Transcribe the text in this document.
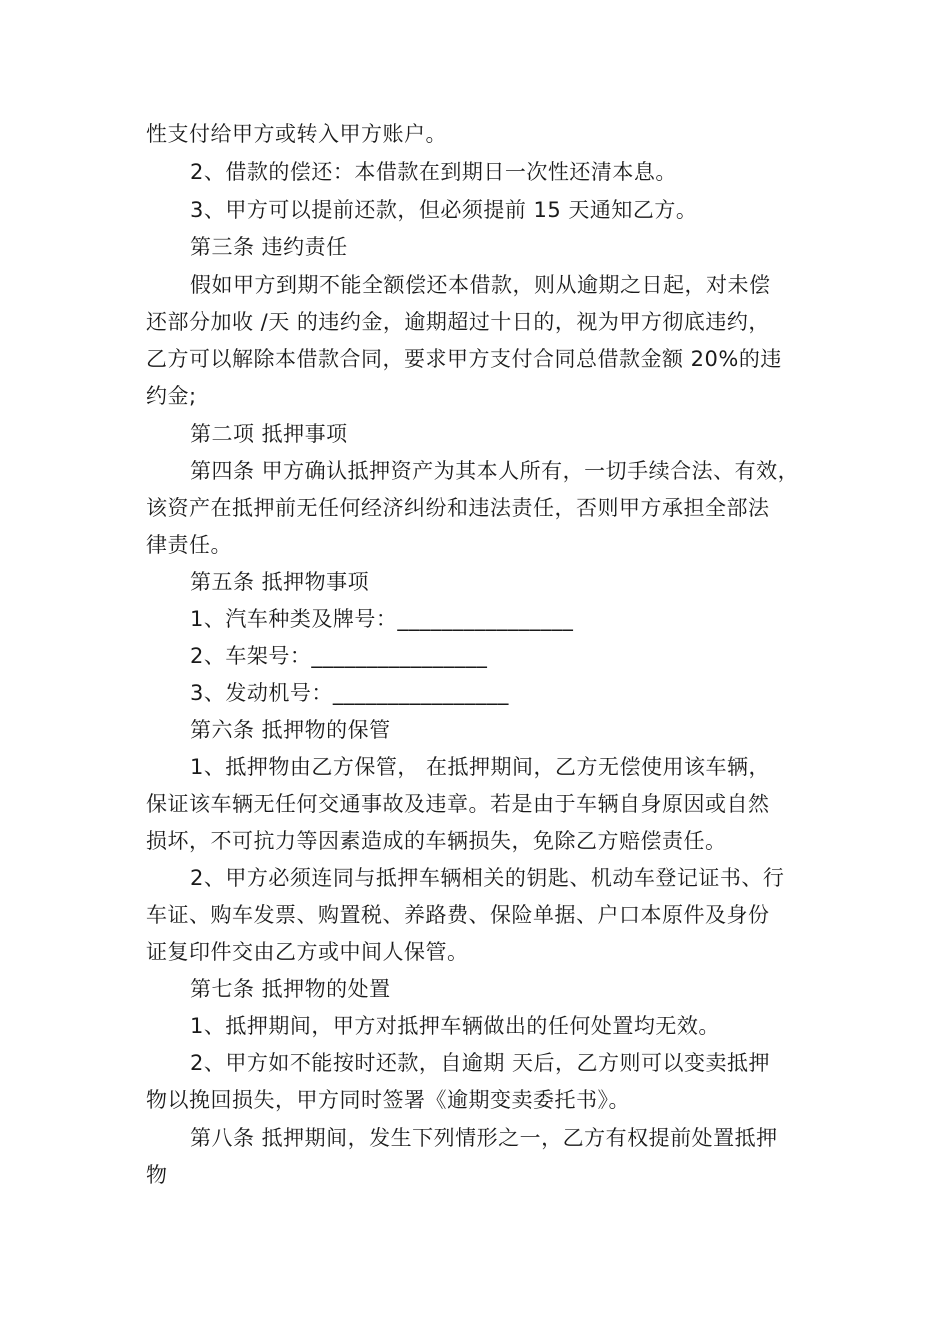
性支付给甲方或转入甲方账户。
2、借款的偿还：本借款在到期日一次性还清本息。
3、甲方可以提前还款，但必须提前 15 天通知乙方。
第三条 违约责任
假如甲方到期不能全额偿还本借款，则从逾期之日起，对未偿
还部分加收 /天 的违约金，逾期超过十日的，视为甲方彻底违约，
乙方可以解除本借款合同，要求甲方支付合同总借款金额 20%的违
约金;
第二项 抵押事项
第四条 甲方确认抵押资产为其本人所有，一切手续合法、有效，
该资产在抵押前无任何经济纠纷和违法责任，否则甲方承担全部法
律责任。
第五条 抵押物事项
1、汽车种类及牌号：________________
2、车架号：________________
3、发动机号：________________
第六条 抵押物的保管
1、抵押物由乙方保管， 在抵押期间，乙方无偿使用该车辆，
保证该车辆无任何交通事故及违章。若是由于车辆自身原因或自然
损坏，不可抗力等因素造成的车辆损失，免除乙方赔偿责任。
2、甲方必须连同与抵押车辆相关的钥匙、机动车登记证书、行
车证、购车发票、购置税、养路费、保险单据、户口本原件及身份
证复印件交由乙方或中间人保管。
第七条 抵押物的处置
1、抵押期间，甲方对抵押车辆做出的任何处置均无效。
2、甲方如不能按时还款，自逾期 天后，乙方则可以变卖抵押
物以挽回损失，甲方同时签署《逾期变卖委托书》。
第八条 抵押期间，发生下列情形之一，乙方有权提前处置抵押
物
